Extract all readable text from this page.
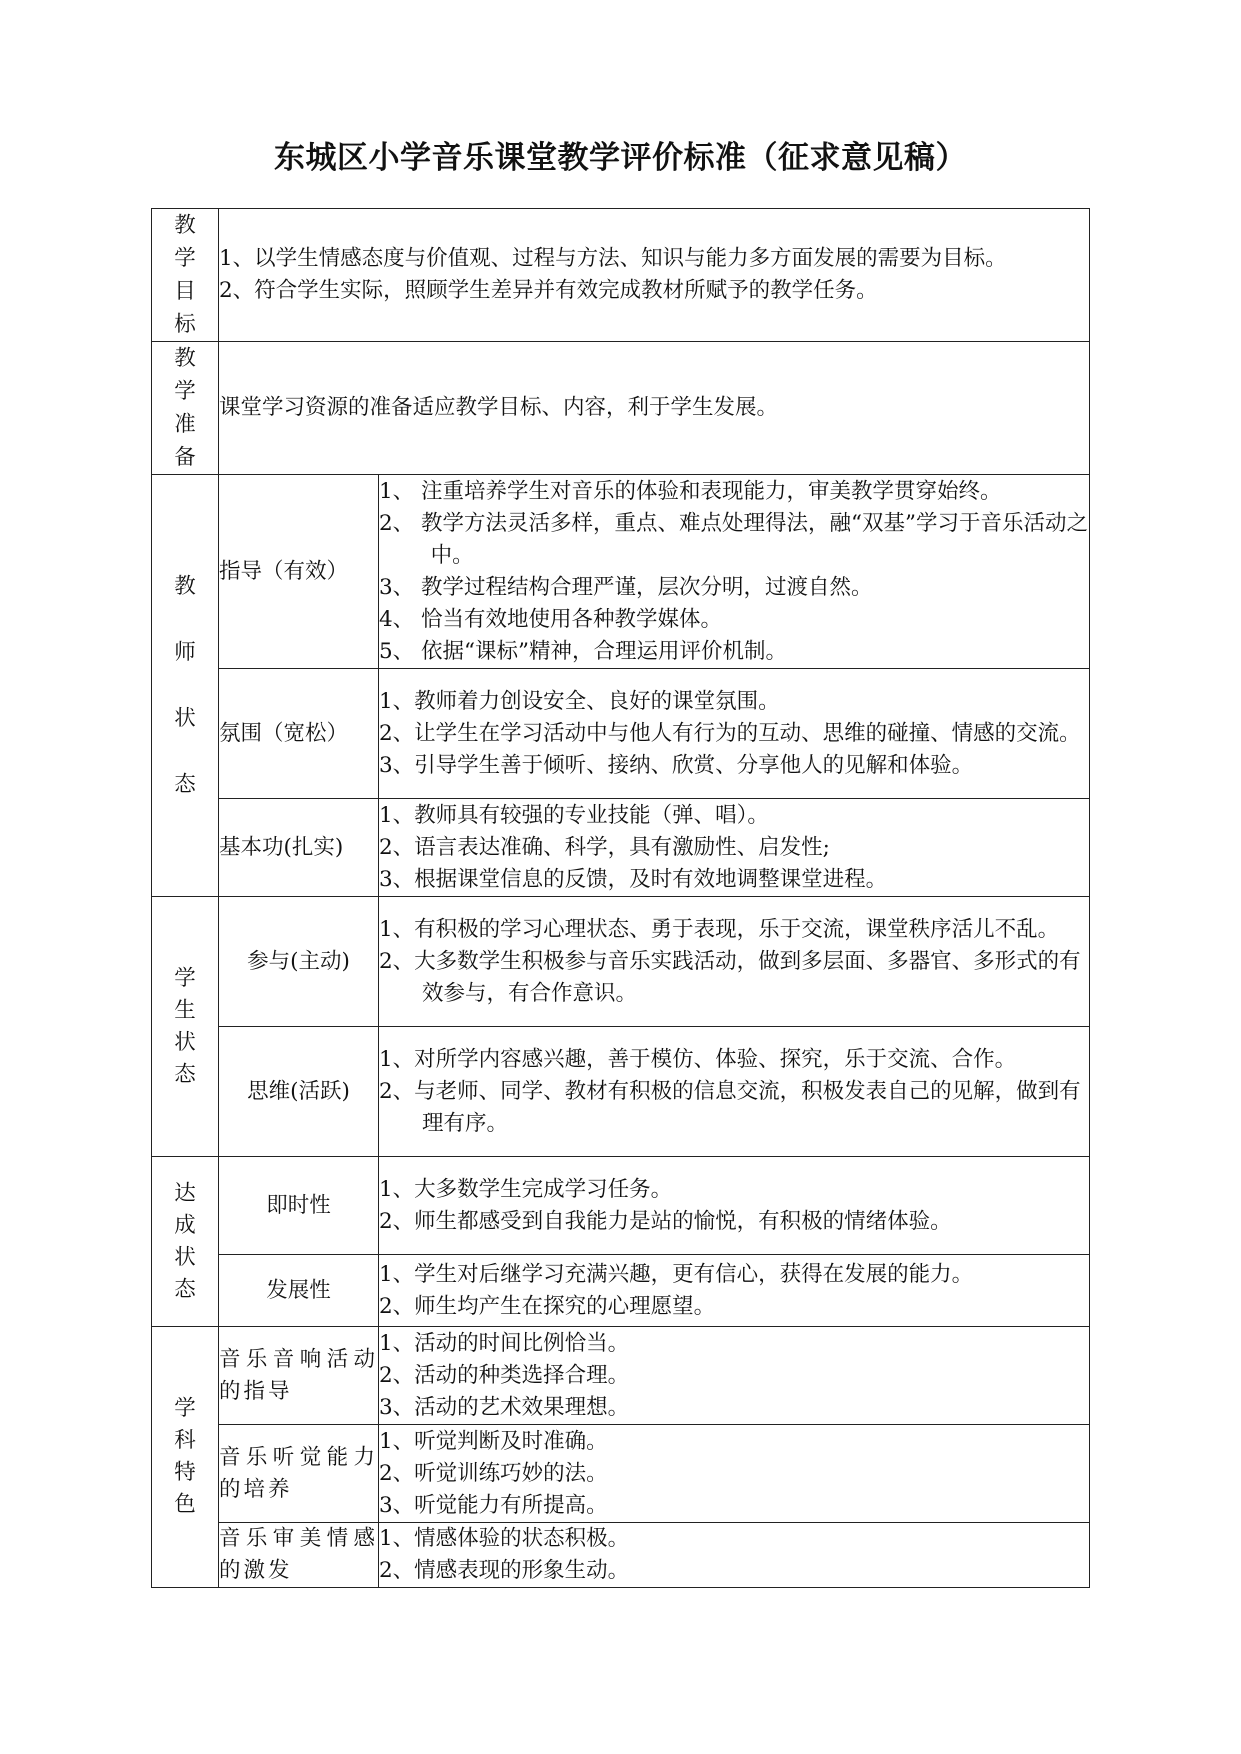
东城区小学音乐课堂教学评价标准（征求意见稿）
教
学
目
标	1、以学生情感态度与价值观、过程与方法、知识与能力多方面发展的需要为目标。
2、符合学生实际，照顾学生差异并有效完成教材所赋予的教学任务。	

教
学
准
备	课堂学习资源的准备适应教学目标、内容，利于学生发展。	

教
师
状
态	指导（有效）	1、 注重培养学生对音乐的体验和表现能力，审美教学贯穿始终。
2、 教学方法灵活多样，重点、难点处理得法，融“双基”学习于音乐活动之中。
3、 教学过程结构合理严谨，层次分明，过渡自然。
4、 恰当有效地使用各种教学媒体。
5、 依据“课标”精神，合理运用评价机制。

	氛围（宽松）	1、教师着力创设安全、良好的课堂氛围。
2、让学生在学习活动中与他人有行为的互动、思维的碰撞、情感的交流。
3、引导学生善于倾听、接纳、欣赏、分享他人的见解和体验。

	基本功(扎实)	1、教师具有较强的专业技能（弹、唱）。
2、语言表达准确、科学，具有激励性、启发性;
3、根据课堂信息的反馈，及时有效地调整课堂进程。

学
生
状
态	参与(主动)	1、有积极的学习心理状态、勇于表现，乐于交流，课堂秩序活儿不乱。
2、大多数学生积极参与音乐实践活动，做到多层面、多器官、多形式的有效参与，有合作意识。

	思维(活跃)	1、对所学内容感兴趣，善于模仿、体验、探究，乐于交流、合作。
2、与老师、同学、教材有积极的信息交流，积极发表自己的见解，做到有理有序。

达
成
状
态	即时性	1、大多数学生完成学习任务。
2、师生都感受到自我能力是站的愉悦，有积极的情绪体验。

	发展性	1、学生对后继学习充满兴趣，更有信心，获得在发展的能力。
2、师生均产生在探究的心理愿望。

学
科
特
色	音乐音响活动的指导	1、活动的时间比例恰当。
2、活动的种类选择合理。
3、活动的艺术效果理想。

	音乐听觉能力的培养	1、听觉判断及时准确。
2、听觉训练巧妙的法。
3、听觉能力有所提高。

	音乐审美情感的激发	1、情感体验的状态积极。
2、情感表现的形象生动。
